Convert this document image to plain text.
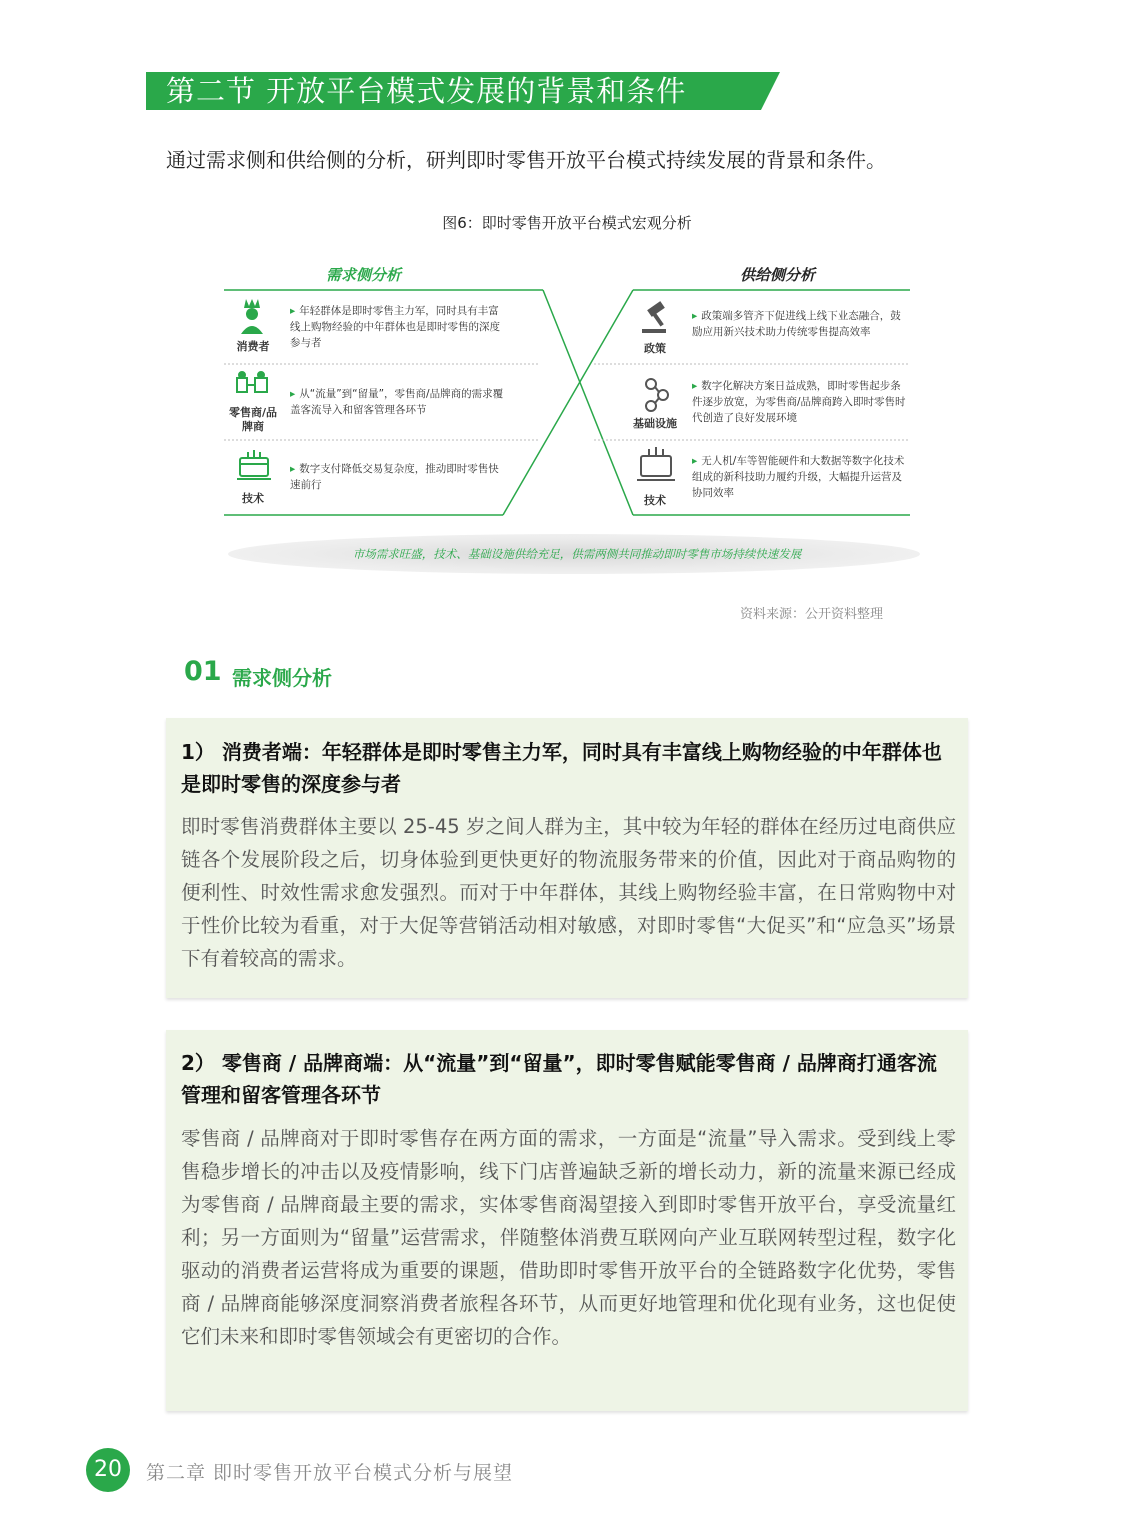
第二节 开放平台模式发展的背景和条件
通过需求侧和供给侧的分析，研判即时零售开放平台模式持续发展的背景和条件。
图6：即时零售开放平台模式宏观分析
需求侧分析	供给侧分析
消费者
▸ 年轻群体是即时零售主力军，同时具有丰富线上购物经验的中年群体也是即时零售的深度参与者
零售商/品牌商
▸ 从“流量”到“留量”，零售商/品牌商的需求覆盖客流导入和留客管理各环节
技术
▸ 数字支付降低交易复杂度，推动即时零售快速前行
政策
▸ 政策端多管齐下促进线上线下业态融合，鼓励应用新兴技术助力传统零售提高效率
基础设施
▸ 数字化解决方案日益成熟，即时零售起步条件逐步放宽，为零售商/品牌商跨入即时零售时代创造了良好发展环境
技术
▸ 无人机/车等智能硬件和大数据等数字化技术组成的新科技助力履约升级，大幅提升运营及协同效率
市场需求旺盛，技术、基础设施供给充足，供需两侧共同推动即时零售市场持续快速发展
资料来源：公开资料整理
01 需求侧分析

1） 消费者端：年轻群体是即时零售主力军，同时具有丰富线上购物经验的中年群体也是即时零售的深度参与者

即时零售消费群体主要以 25-45 岁之间人群为主，其中较为年轻的群体在经历过电商供应链各个发展阶段之后，切身体验到更快更好的物流服务带来的价值，因此对于商品购物的便利性、时效性需求愈发强烈。而对于中年群体，其线上购物经验丰富，在日常购物中对于性价比较为看重，对于大促等营销活动相对敏感，对即时零售“大促买”和“应急买”场景下有着较高的需求。

2） 零售商 / 品牌商端：从“流量”到“留量”，即时零售赋能零售商 / 品牌商打通客流管理和留客管理各环节

零售商 / 品牌商对于即时零售存在两方面的需求，一方面是“流量”导入需求。受到线上零售稳步增长的冲击以及疫情影响，线下门店普遍缺乏新的增长动力，新的流量来源已经成为零售商 / 品牌商最主要的需求，实体零售商渴望接入到即时零售开放平台，享受流量红利；另一方面则为“留量”运营需求，伴随整体消费互联网向产业互联网转型过程，数字化驱动的消费者运营将成为重要的课题，借助即时零售开放平台的全链路数字化优势，零售商 / 品牌商能够深度洞察消费者旅程各环节，从而更好地管理和优化现有业务，这也促使它们未来和即时零售领域会有更密切的合作。

20	第二章 即时零售开放平台模式分析与展望
